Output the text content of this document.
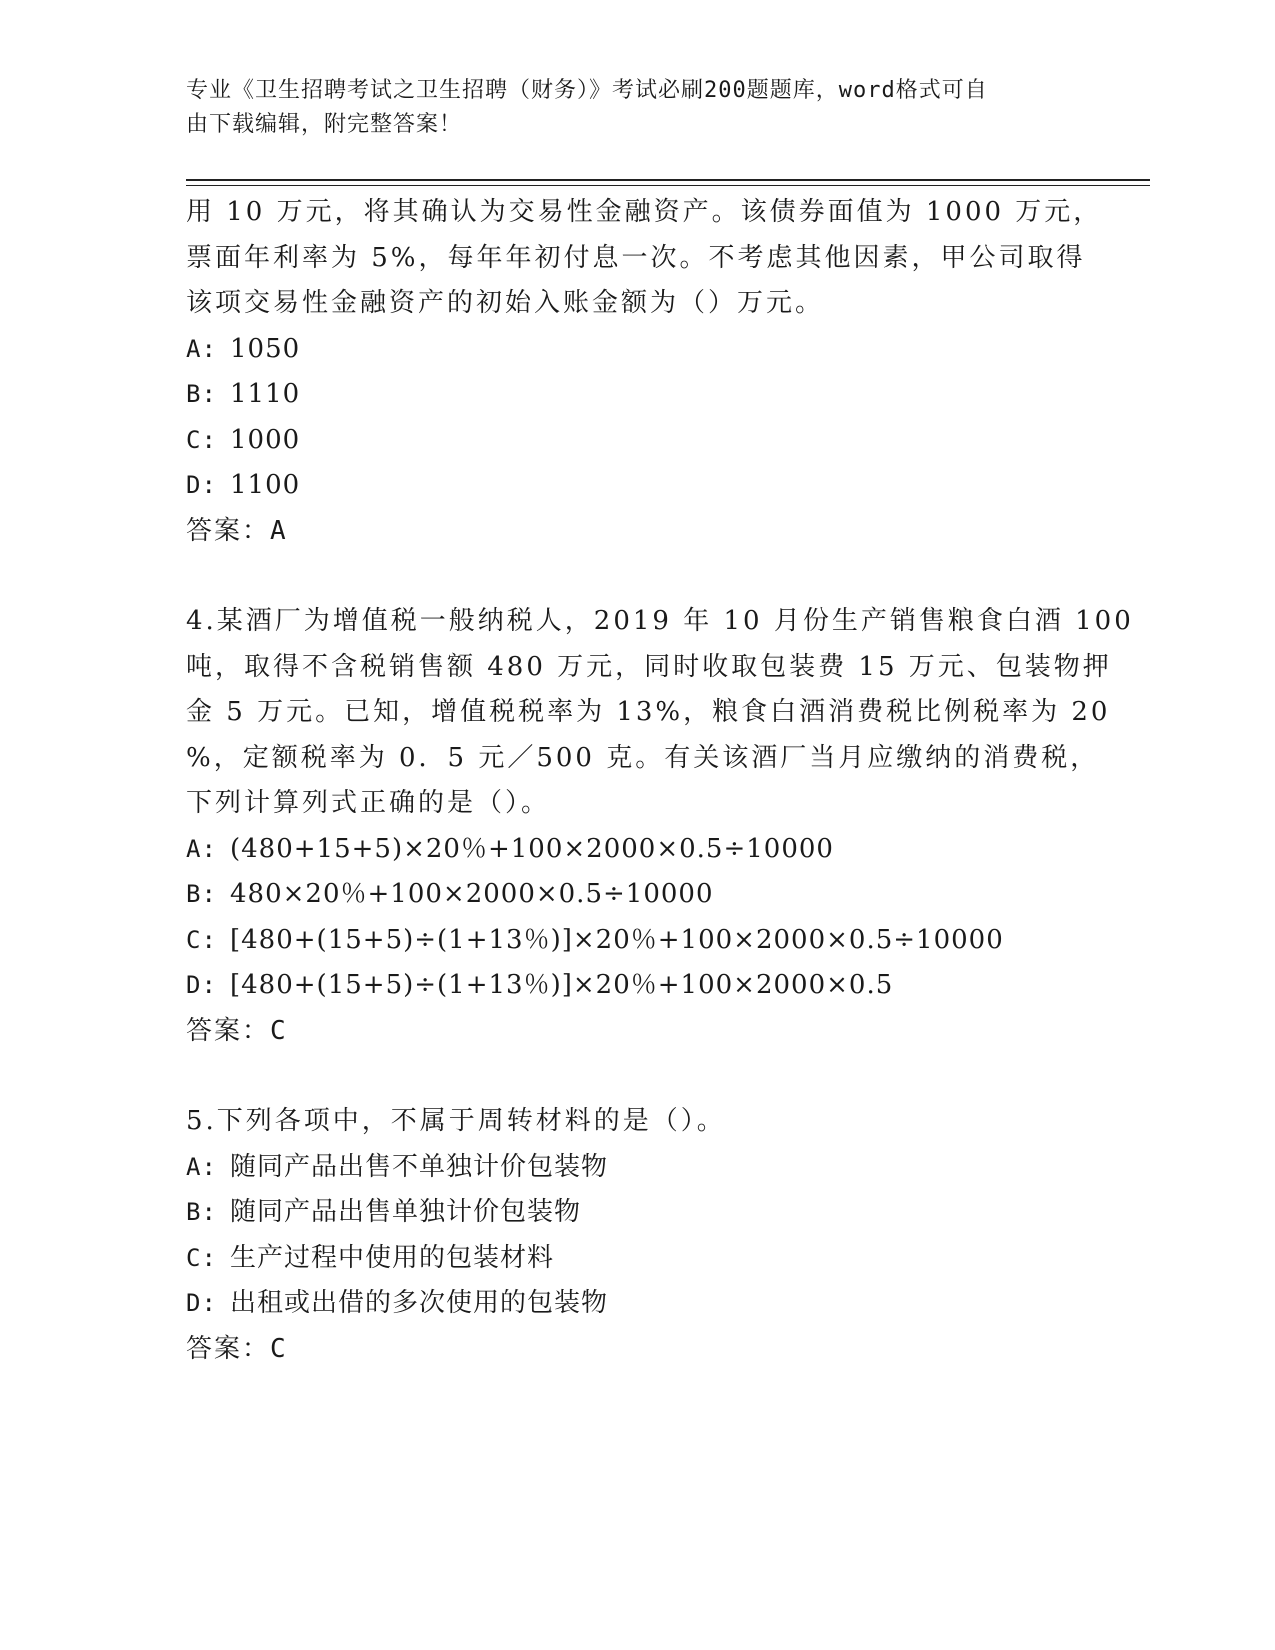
专业《卫生招聘考试之卫生招聘（财务）》考试必刷200题题库，word格式可自
由下载编辑，附完整答案！
用 10 万元，将其确认为交易性金融资产。该债券面值为 1000 万元，
票面年利率为 5%，每年年初付息一次。不考虑其他因素，甲公司取得
该项交易性金融资产的初始入账金额为（）万元。
A: 1050
B: 1110
C: 1000
D: 1100
答案：A
4.某酒厂为增值税一般纳税人，2019 年 10 月份生产销售粮食白酒 100
吨，取得不含税销售额 480 万元，同时收取包装费 15 万元、包装物押
金 5 万元。已知，增值税税率为 13%，粮食白酒消费税比例税率为 20
%，定额税率为 0．5 元／500 克。有关该酒厂当月应缴纳的消费税，
下列计算列式正确的是（）。
A: (480+15+5)×20％+100×2000×0.5÷10000
B: 480×20％+100×2000×0.5÷10000
C: [480+(15+5)÷(1+13％)]×20％+100×2000×0.5÷10000
D: [480+(15+5)÷(1+13％)]×20％+100×2000×0.5
答案：C
5.下列各项中，不属于周转材料的是（）。
A: 随同产品出售不单独计价包装物
B: 随同产品出售单独计价包装物
C: 生产过程中使用的包装材料
D: 出租或出借的多次使用的包装物
答案：C
